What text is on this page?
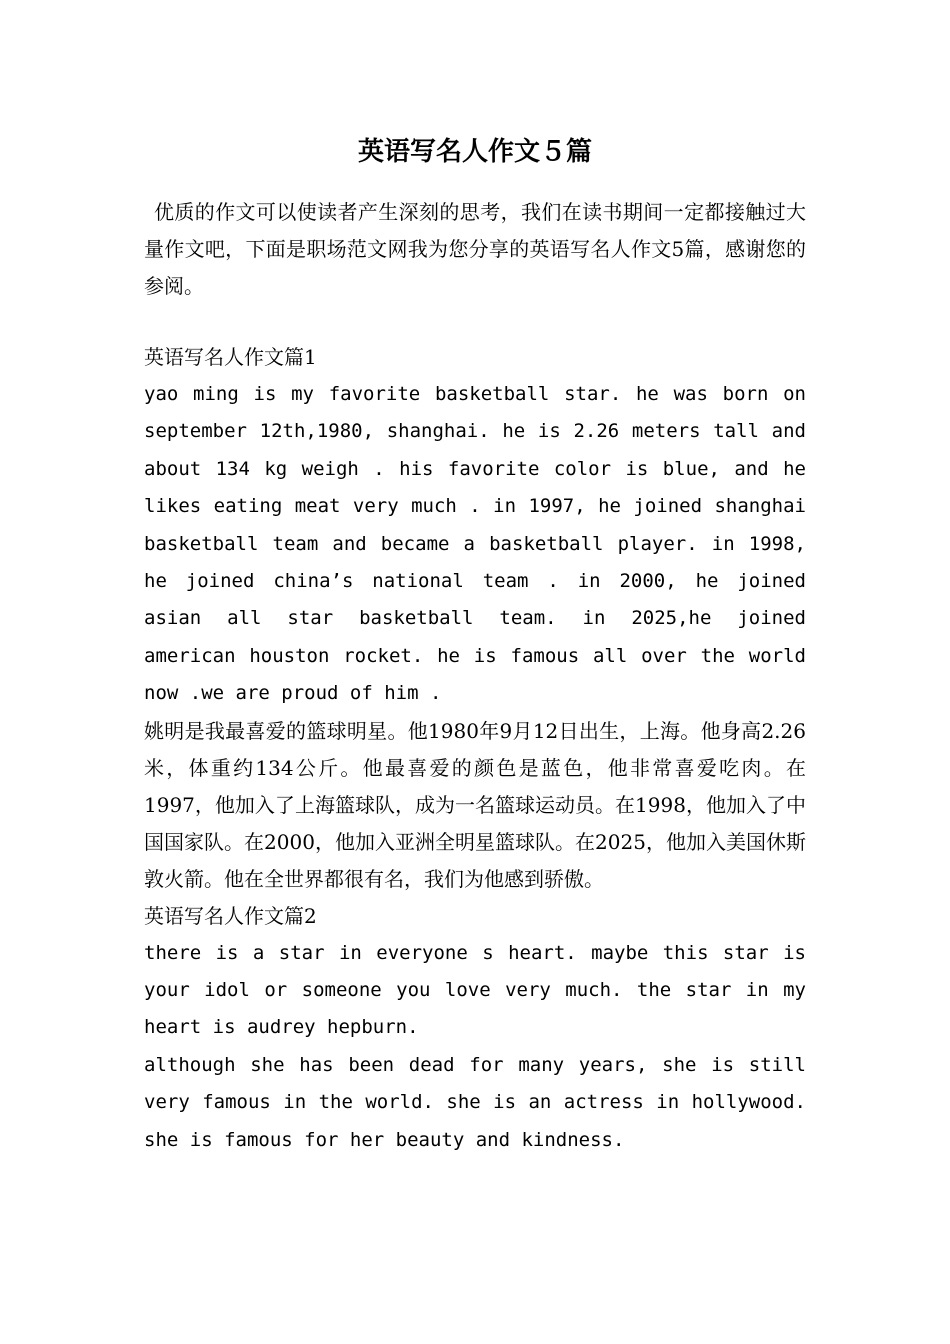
英语写名人作文５篇

优质的作文可以使读者产生深刻的思考，我们在读书期间一定都接触过大量作文吧，下面是职场范文网我为您分享的英语写名人作文5篇，感谢您的参阅。

英语写名人作文篇1

yao ming is my favorite basketball star. he was born on september 12th,1980, shanghai. he is 2.26 meters tall and about 134 kg weigh . his favorite color is blue, and he likes eating meat very much . in 1997, he joined shanghai basketball team and became a basketball player. in 1998, he joined china’s national team . in 2000, he joined asian all star basketball team. in 2025,he joined american houston rocket. he is famous all over the world now .we are proud of him .

姚明是我最喜爱的篮球明星。他1980年9月12日出生，上海。他身高2.26米，体重约134公斤。他最喜爱的颜色是蓝色，他非常喜爱吃肉。在1997，他加入了上海篮球队，成为一名篮球运动员。在1998，他加入了中国国家队。在2000，他加入亚洲全明星篮球队。在2025，他加入美国休斯敦火箭。他在全世界都很有名，我们为他感到骄傲。

英语写名人作文篇2

there is a star in everyone s heart. maybe this star is your idol or someone you love very much. the star in my heart is audrey hepburn.

although she has been dead for many years, she is still very famous in the world. she is an actress in hollywood. she is famous for her beauty and kindness.
